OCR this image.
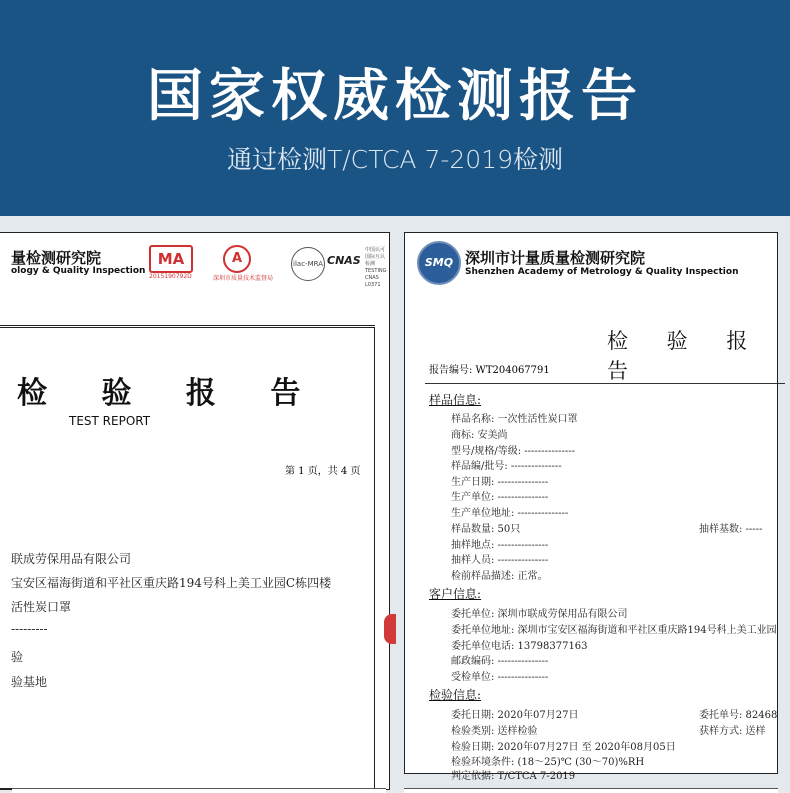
国家权威检测报告
通过检测T/CTCA 7-2019检测
量检测研究院
ology & Quality Inspection
MA
2015190792D
A
深圳市质量技术监督局
ilac-MRA CNAS
中国认可 国际互认 检测 TESTING CNAS L0371
检 验 报 告
TEST REPORT
第 1 页，共 4 页
联成劳保用品有限公司
宝安区福海街道和平社区重庆路194号科上美工业园C栋四楼
活性炭口罩
---------
验
验基地
SMQ 深圳市计量质量检测研究院
Shenzhen Academy of Metrology & Quality Inspection
检 验 报 告
报告编号: WT204067791
样品信息:
样品名称: 一次性活性炭口罩
商标: 安美尚
型号/规格/等级: ---------------
样品编/批号: ---------------
生产日期: ---------------
生产单位: ---------------
生产单位地址: ---------------
样品数量: 50只	抽样基数: -----
抽样地点: ---------------
抽样人员: ---------------
检前样品描述: 正常。
客户信息:
委托单位: 深圳市联成劳保用品有限公司
委托单位地址: 深圳市宝安区福海街道和平社区重庆路194号科上美工业园
委托单位电话: 13798377163
邮政编码: ---------------
受检单位: ---------------
检验信息:
委托日期: 2020年07月27日	委托单号: 82468
检验类别: 送样检验	获样方式: 送样
检验日期: 2020年07月27日 至 2020年08月05日
检验环境条件: (18～25)℃ (30～70)%RH
判定依据: T/CTCA 7-2019
